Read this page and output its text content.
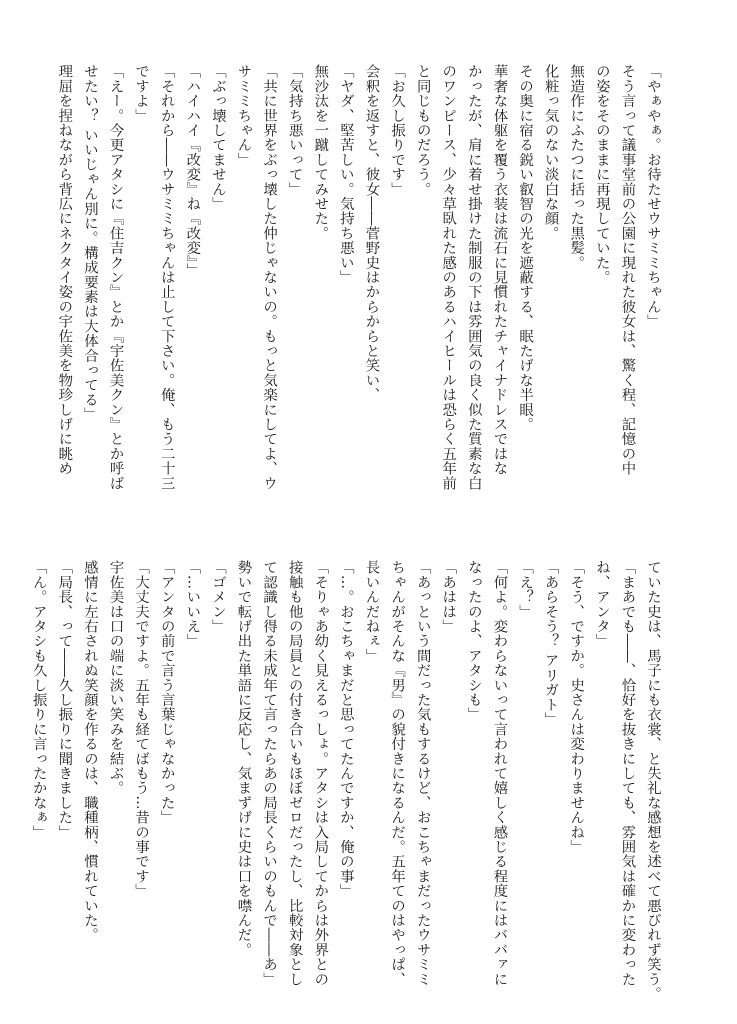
「やぁやぁ。お待たせウサミミちゃん」
そう言って議事堂前の公園に現れた彼女は、驚く程、記憶の中
の姿をそのままに再現していた。
無造作にふたつに括った黒髪。
化粧っ気のない淡白な顔。
その奥に宿る鋭い叡智の光を遮蔽する、眠たげな半眼。
華奢な体躯を覆う衣装は流石に見慣れたチャイナドレスではな
かったが、肩に着せ掛けた制服の下は雰囲気の良く似た質素な白
のワンピース、少々草臥れた感のあるハイヒールは恐らく五年前
と同じものだろう。
「お久し振りです」
会釈を返すと、彼女――菅野史はからからと笑い、
「ヤダ、堅苦しい。気持ち悪い」
無沙汰を一蹴してみせた。
「気持ち悪いって」
「共に世界をぶっ壊した仲じゃないの。もっと気楽にしてよ、ウ
サミミちゃん」
「ぶっ壊してません」
「ハイハイ『改変』ね『改変』」
「それから――ウサミミちゃんは止して下さい。俺、もう二十三
ですよ」
「えー。今更アタシに『住吉クン』とか『宇佐美クン』とか呼ば
せたい？ いいじゃん別に。構成要素は大体合ってる」
理屈を捏ねながら背広にネクタイ姿の宇佐美を物珍しげに眺め
ていた史は、馬子にも衣裳、と失礼な感想を述べて悪びれず笑う。
「まあでも――、恰好を抜きにしても、雰囲気は確かに変わった
ね、アンタ」
「そう、ですか。史さんは変わりませんね」
「あらそう？ アリガト」
「え？」
「何よ。変わらないって言われて嬉しく感じる程度にはババァに
なったのよ、アタシも」
「あはは」
「あっという間だった気もするけど、おこちゃまだったウサミミ
ちゃんがそんな『男』の貌付きになるんだ。五年てのはやっぱ、
長いんだねぇ」
「…。おこちゃまだと思ってたんですか、俺の事」
「そりゃあ幼く見えるっしょ。アタシは入局してからは外界との
接触も他の局員との付き合いもほぼゼロだったし、比較対象とし
て認識し得る未成年て言ったらあの局長くらいのもんで――あ」
勢いで転げ出た単語に反応し、気まずげに史は口を噤んだ。
「ゴメン」
「…いいえ」
「アンタの前で言う言葉じゃなかった」
「大丈夫ですよ。五年も経てばもう…昔の事です」
宇佐美は口の端に淡い笑みを結ぶ。
感情に左右されぬ笑顔を作るのは、職種柄、慣れていた。
「局長、って――久し振りに聞きました」
「ん。アタシも久し振りに言ったかなぁ」
